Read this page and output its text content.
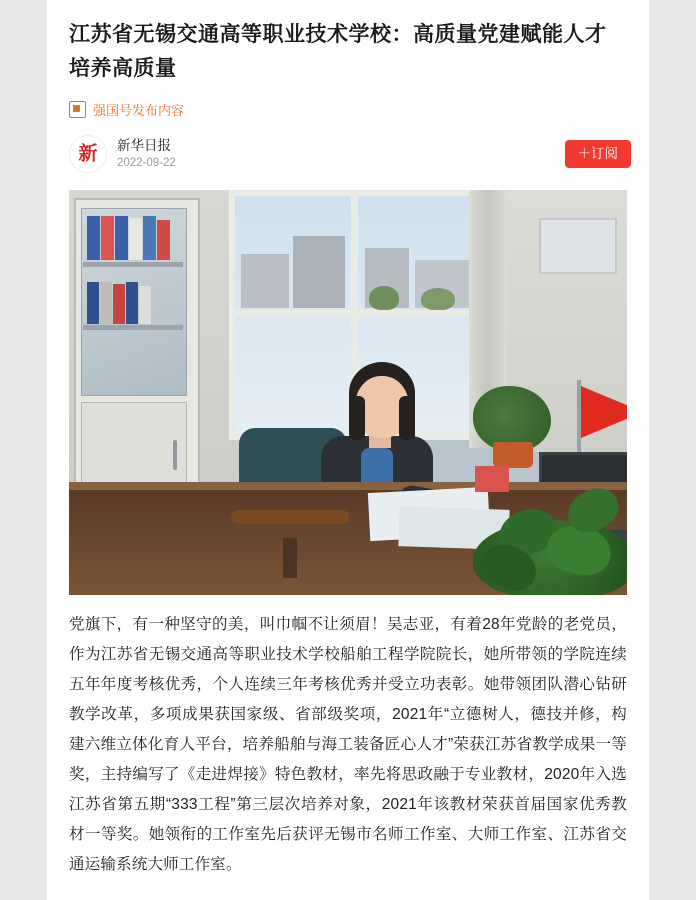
江苏省无锡交通高等职业技术学校：高质量党建赋能人才培养高质量
强国号发布内容
新 新华日报
2022-09-22
＋订阅
党旗下，有一种坚守的美，叫巾帼不让须眉！吴志亚，有着28年党龄的老党员，作为江苏省无锡交通高等职业技术学校船舶工程学院院长，她所带领的学院连续五年年度考核优秀，个人连续三年考核优秀并受立功表彰。她带领团队潜心钻研教学改革，多项成果获国家级、省部级奖项，2021年“立德树人，德技并修，构建六维立体化育人平台，培养船舶与海工装备匠心人才”荣获江苏省教学成果一等奖，主持编写了《走进焊接》特色教材，率先将思政融于专业教材，2020年入选江苏省第五期“333工程”第三层次培养对象，2021年该教材荣获首届国家优秀教材一等奖。她领衔的工作室先后获评无锡市名师工作室、大师工作室、江苏省交通运输系统大师工作室。
